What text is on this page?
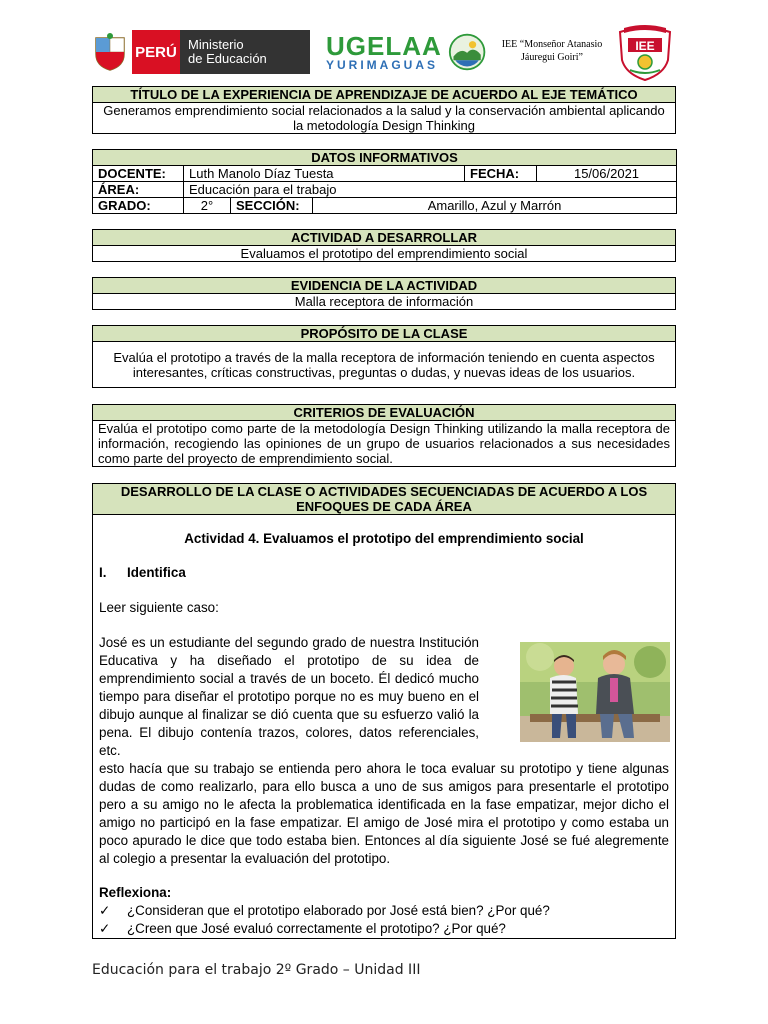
PERÚ Ministerio
de Educación	UGELAA
YURIMAGUAS
IEE “Monseñor Atanasio
Jáuregui Goiri”
IEE
TÍTULO DE LA EXPERIENCIA DE APRENDIZAJE DE ACUERDO AL EJE TEMÁTICO
Generamos emprendimiento social relacionados a la salud y la conservación ambiental aplicando la metodología Design Thinking
DATOS INFORMATIVOS					
DOCENTE:	Luth Manolo Díaz Tuesta			FECHA:	15/06/2021
ÁREA:	Educación para el trabajo				
GRADO:	2°	SECCIÓN:	Amarillo, Azul y Marrón		
ACTIVIDAD A DESARROLLAR
Evaluamos el prototipo del emprendimiento social
EVIDENCIA DE LA ACTIVIDAD
Malla receptora de información
PROPÓSITO DE LA CLASE
Evalúa el prototipo a través de la malla receptora de información teniendo en cuenta aspectos interesantes, críticas constructivas, preguntas o dudas, y nuevas ideas de los usuarios.
CRITERIOS DE EVALUACIÓN
Evalúa el prototipo como parte de la metodología Design Thinking utilizando la malla receptora de información, recogiendo las opiniones de un grupo de usuarios relacionados a sus necesidades como parte del proyecto de emprendimiento social.
DESARROLLO DE LA CLASE O ACTIVIDADES SECUENCIADAS DE ACUERDO A LOS ENFOQUES DE CADA ÁREA

Actividad 4. Evaluamos el prototipo del emprendimiento social
I.	Identifica
Leer siguiente caso:
José es un estudiante del segundo grado de nuestra Institución Educativa y ha diseñado el prototipo de su idea de emprendimiento social a través de un boceto. Él dedicó mucho tiempo para diseñar el prototipo porque no es muy bueno en el dibujo aunque al finalizar se dió cuenta que su esfuerzo valió la pena. El dibujo contenía trazos, colores, datos referenciales, etc.
esto hacía que su trabajo se entienda pero ahora le toca evaluar su prototipo y tiene algunas dudas de como realizarlo, para ello busca a uno de sus amigos para presentarle el prototipo pero a su amigo no le afecta la problematica identificada en la fase empatizar, mejor dicho el amigo no participó en la fase empatizar. El amigo de José mira el prototipo y como estaba un poco apurado le dice que todo estaba bien. Entonces al día siguiente José se fué alegremente al colegio a presentar la evaluación del prototipo.
Reflexiona:
✓	¿Consideran que el prototipo elaborado por José está bien? ¿Por qué?
✓	¿Creen que José evaluó correctamente el prototipo? ¿Por qué?
Educación para el trabajo 2º Grado – Unidad III
